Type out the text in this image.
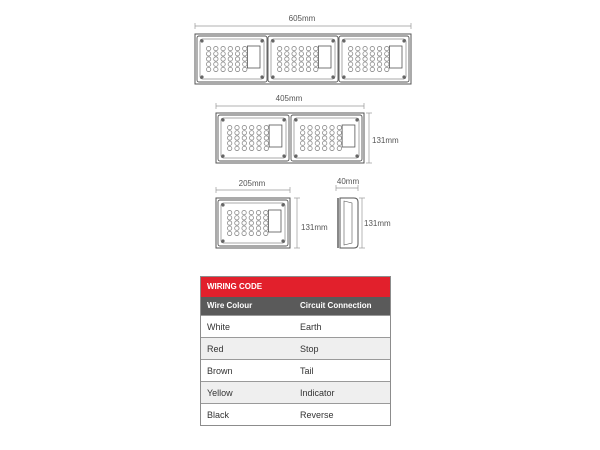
605mm
405mm
131mm
205mm
131mm
40mm
131mm
WIRING CODE
Wire Colour	Circuit Connection
White	Earth
Red	Stop
Brown	Tail
Yellow	Indicator
Black	Reverse
